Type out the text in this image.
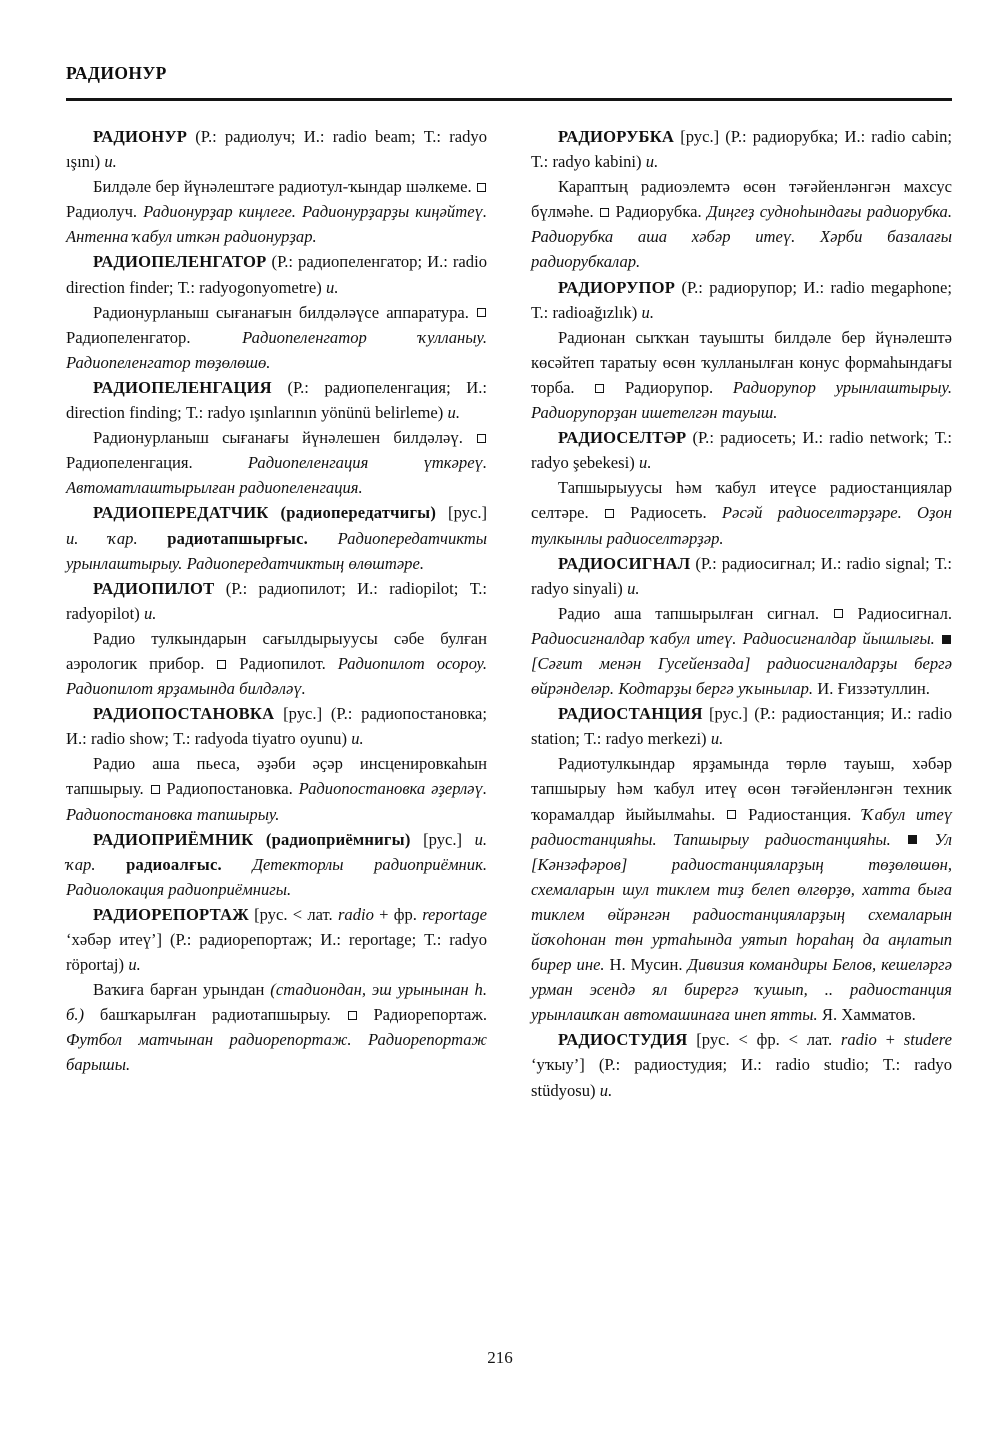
РАДИОНУР

РАДИОНУР (Р.: радиолуч; И.: radio beam; Т.: radyo ışını) и.

Билдәле бер йүнәлештәге радиотул-ҡындар шәлкеме.  Радиолуч. Радионурҙар киңлеге. Радионурҙарҙы киңәйтеү. Антенна ҡабул иткән радионурҙар.

РАДИОПЕЛЕНГАТОР (Р.: радиопеленгатор; И.: radio direction finder; Т.: radyogonyometre) и.

Радионурланыш сығанағын билдәләүсе аппаратура.  Радиопеленгатор.	Радиопеленгатор ҡулланыу. Радиопеленгатор төҙөлөшө.

РАДИОПЕЛЕНГАЦИЯ (Р.: радиопеленгация; И.: direction finding; Т.: radyo ışınlarının yönünü belirleme) и.

Радионурланыш сығанағы йүнәлешен билдәләү.  Радиопеленгация.	Радиопеленгация үткәреү. Автоматлаштырылған радиопеленгация.

РАДИОПЕРЕДАТЧИК (радиопередатчигы) [рус.] и. ҡар. радиотапшырғыс. Радиопередатчикты урынлаштырыу. Радиопередатчиктың өлөштәре.

РАДИОПИЛОТ (Р.: радиопилот; И.: radiopilot; Т.: radyopilot) и.

Радио тулкындарын сағылдырыуусы сәбе булған аэрологик прибор. Радиопилот. Радиопилот осороу. Радиопилот ярҙамында билдәләү.

РАДИОПОСТАНОВКА [рус.] (Р.: радиопостановка; И.: radio show; Т.: radyoda tiyatro oyunu) и.

Радио аша пьеса, әҙәби әҫәр инсценировкаһын тапшырыу. Радиопостановка. Радиопостановка әҙерләү. Радиопостановка тапшырыу.

РАДИОПРИЁМНИК (радиоприёмнигы) [рус.] и. ҡар. радиоалғыс. Детекторлы радиоприёмник. Радиолокация радиоприёмнигы.

РАДИОРЕПОРТАЖ [рус. < лат. radio + фр. reportage ‘хәбәр итеү’] (Р.: радиорепортаж; И.: reportage; Т.: radyo röportaj) и.

Ваҡиға барған урындан (стадиондан, эш урынынан һ. б.) башҡарылған радиотапшырыу.	Радиорепортаж. Футбол матчынан радиорепортаж. Радиорепортаж барышы.

РАДИОРУБКА [рус.] (Р.: радиорубка; И.: radio cabin; Т.: radyo kabini) и.

Караптың радиоэлемтә өсөн тәғәйенләнгән махсус бүлмәһе. Радиорубка. Диңгеҙ судноһындағы радиорубка. Радиорубка аша хәбәр итеү. Хәрби базалағы радиорубкалар.

РАДИОРУПОР (Р.: радиорупор; И.: radio megaphone; Т.: radioağızlık) и.

Радионан сыҡҡан тауышты билдәле бер йүнәлештә көсәйтеп таратыу өсөн ҡулланылған конус формаһындағы торба.	Радиорупор. Радиорупор урынлаштырыу. Радиорупорҙан ишетелгән тауыш.

РАДИОСЕЛТӘР (Р.: радиосеть; И.: radio network; Т.: radyo şebekesi) и.

Тапшырыуусы һәм ҡабул итеүсе радиостанциялар селтәре. Радиосеть. Рәсәй радиоселтәрҙәре. Оҙон тулкынлы радиоселтәрҙәр.

РАДИОСИГНАЛ (Р.: радиосигнал; И.: radio signal; Т.: radyo sinyali) и.

Радио аша тапшырылған сигнал. Радиосигнал. Радиосигналдар ҡабул итеү. Радиосигналдар йышлығы.  [Сәғит менән Гусейензада] радиосигналдарҙы бергә өйрәнделәр. Кодтарҙы бергә уҡынылар. И. Ғиззәтуллин.

РАДИОСТАНЦИЯ [рус.] (Р.: радиостанция; И.: radio station; Т.: radyo merkezi) и.

Радиотулкындар ярҙамында төрлө тауыш, хәбәр тапшырыу һәм ҡабул итеү өсөн тәғәйенләнгән техник ҡорамалдар йыйылмаһы. Радиостанция. Ҡабул итеү радиостанцияһы. Тапшырыу радиостанцияһы.	Ул [Кәнзәфәров] радиостанцияларҙың төҙөлөшөн, схемаларын шул тиклем тиҙ белеп өлгөрҙө, хатта быға тиклем өйрәнгән радиостанцияларҙың схемаларын йоҡоһонан төн уртаһында уятып һораһаң да аңлатып бирер ине. Н. Мусин. Дивизия командиры Белов, кешеләргә урман эсендә ял бирергә ҡушып, .. радиостанция урынлашҡан автомашинаға инеп ятты. Я. Хамматов.

РАДИОСТУДИЯ [рус. < фр. < лат. radio + studere ‘уҡыу’] (Р.: радиостудия; И.: radio studio; Т.: radyo stüdyosu) и.

216
